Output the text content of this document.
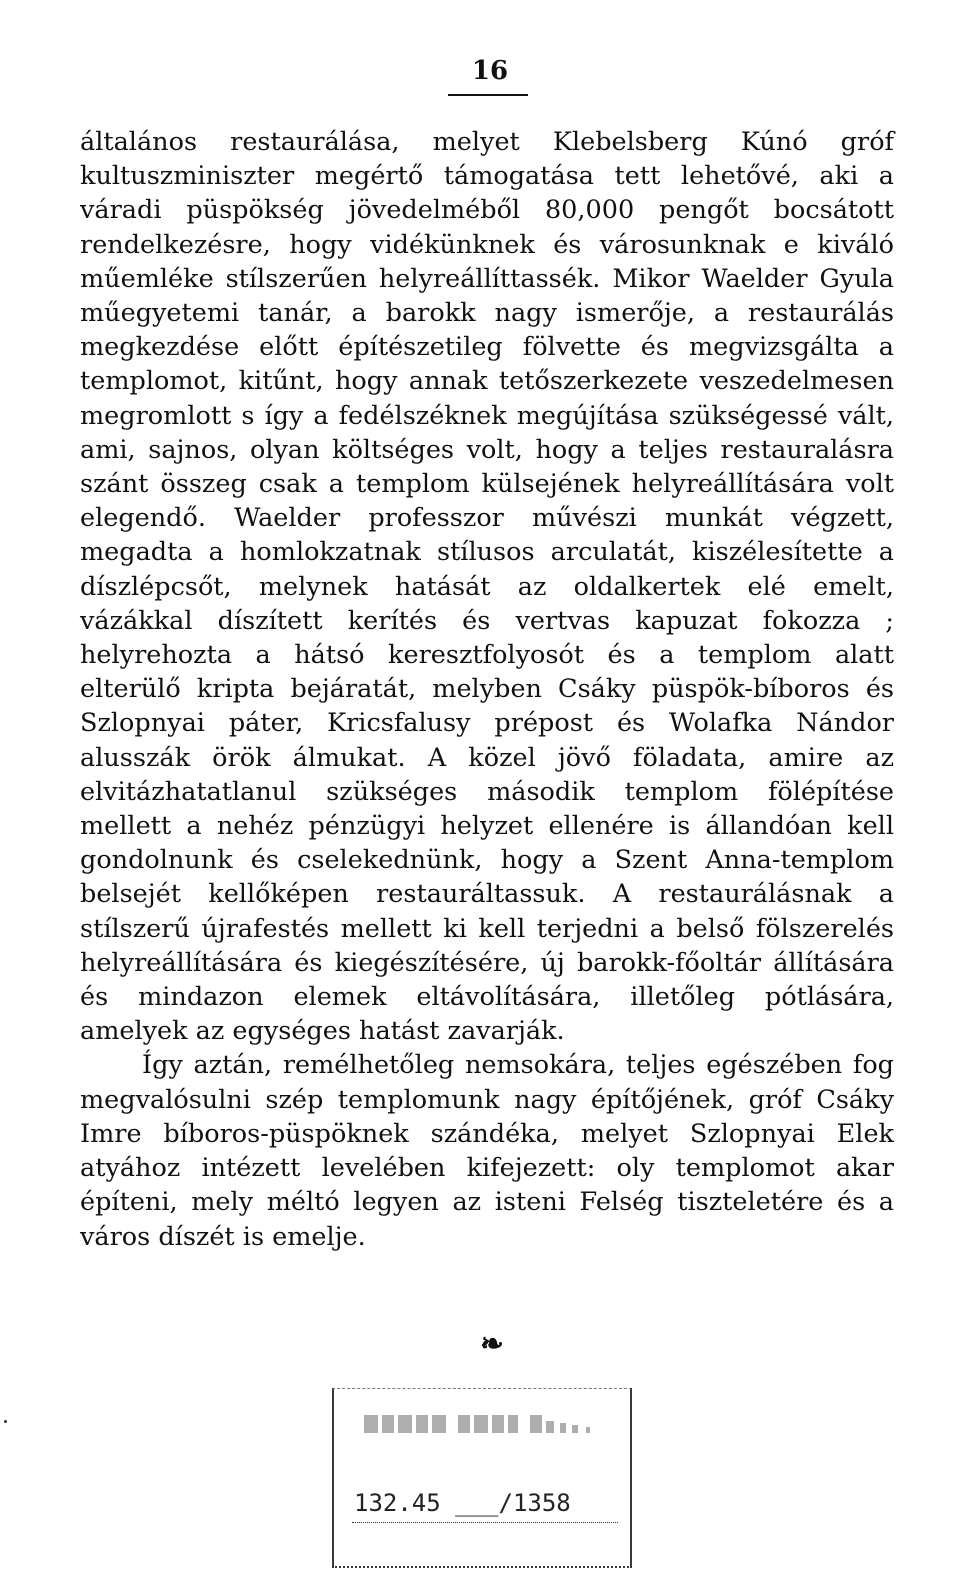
16

általános restaurálása, melyet Klebelsberg Kúnó gróf kultuszminiszter megértő támogatása tett lehetővé, aki a váradi püspökség jövedelméből 80,000 pengőt bocsátott rendelkezésre, hogy vidékünknek és városunknak e kiváló műemléke stílszerűen helyreállíttassék. Mikor Waelder Gyula műegyetemi tanár, a barokk nagy ismerője, a restaurálás megkezdése előtt építészetileg fölvette és megvizsgálta a templomot, kitűnt, hogy annak tetőszerkezete veszedelmesen megromlott s így a fedélszéknek megújítása szükségessé vált, ami, sajnos, olyan költséges volt, hogy a teljes restauralásra szánt összeg csak a templom külsejének helyreállítására volt elegendő. Waelder professzor művészi munkát végzett, megadta a homlokzatnak stílusos arculatát, kiszélesítette a díszlépcsőt, melynek hatását az oldalkertek elé emelt, vázákkal díszített kerítés és vertvas kapuzat fokozza ; helyrehozta a hátsó keresztfolyosót és a templom alatt elterülő kripta bejáratát, melyben Csáky püspök-bíboros és Szlopnyai páter, Kricsfalusy prépost és Wolafka Nándor alusszák örök álmukat. A közel jövő föladata, amire az elvitázhatatlanul szükséges második templom fölépítése mellett a nehéz pénzügyi helyzet ellenére is állandóan kell gondolnunk és cselekednünk, hogy a Szent Anna-templom belsejét kellőképen restauráltassuk. A restaurálásnak a stílszerű újrafestés mellett ki kell terjedni a belső fölszerelés helyreállítására és kiegészítésére, új barokk-főoltár állítására és mindazon elemek eltávolítására, illetőleg pótlására, amelyek az egységes hatást zavarják.

Így aztán, remélhetőleg nemsokára, teljes egészében fog megvalósulni szép templomunk nagy építőjének, gróf Csáky Imre bíboros-püspöknek szándéka, melyet Szlopnyai Elek atyához intézett levelében kifejezett: oly templomot akar építeni, mely méltó legyen az isteni Felség tiszteletére és a város díszét is emelje.

❧
132.45 ___/1358
